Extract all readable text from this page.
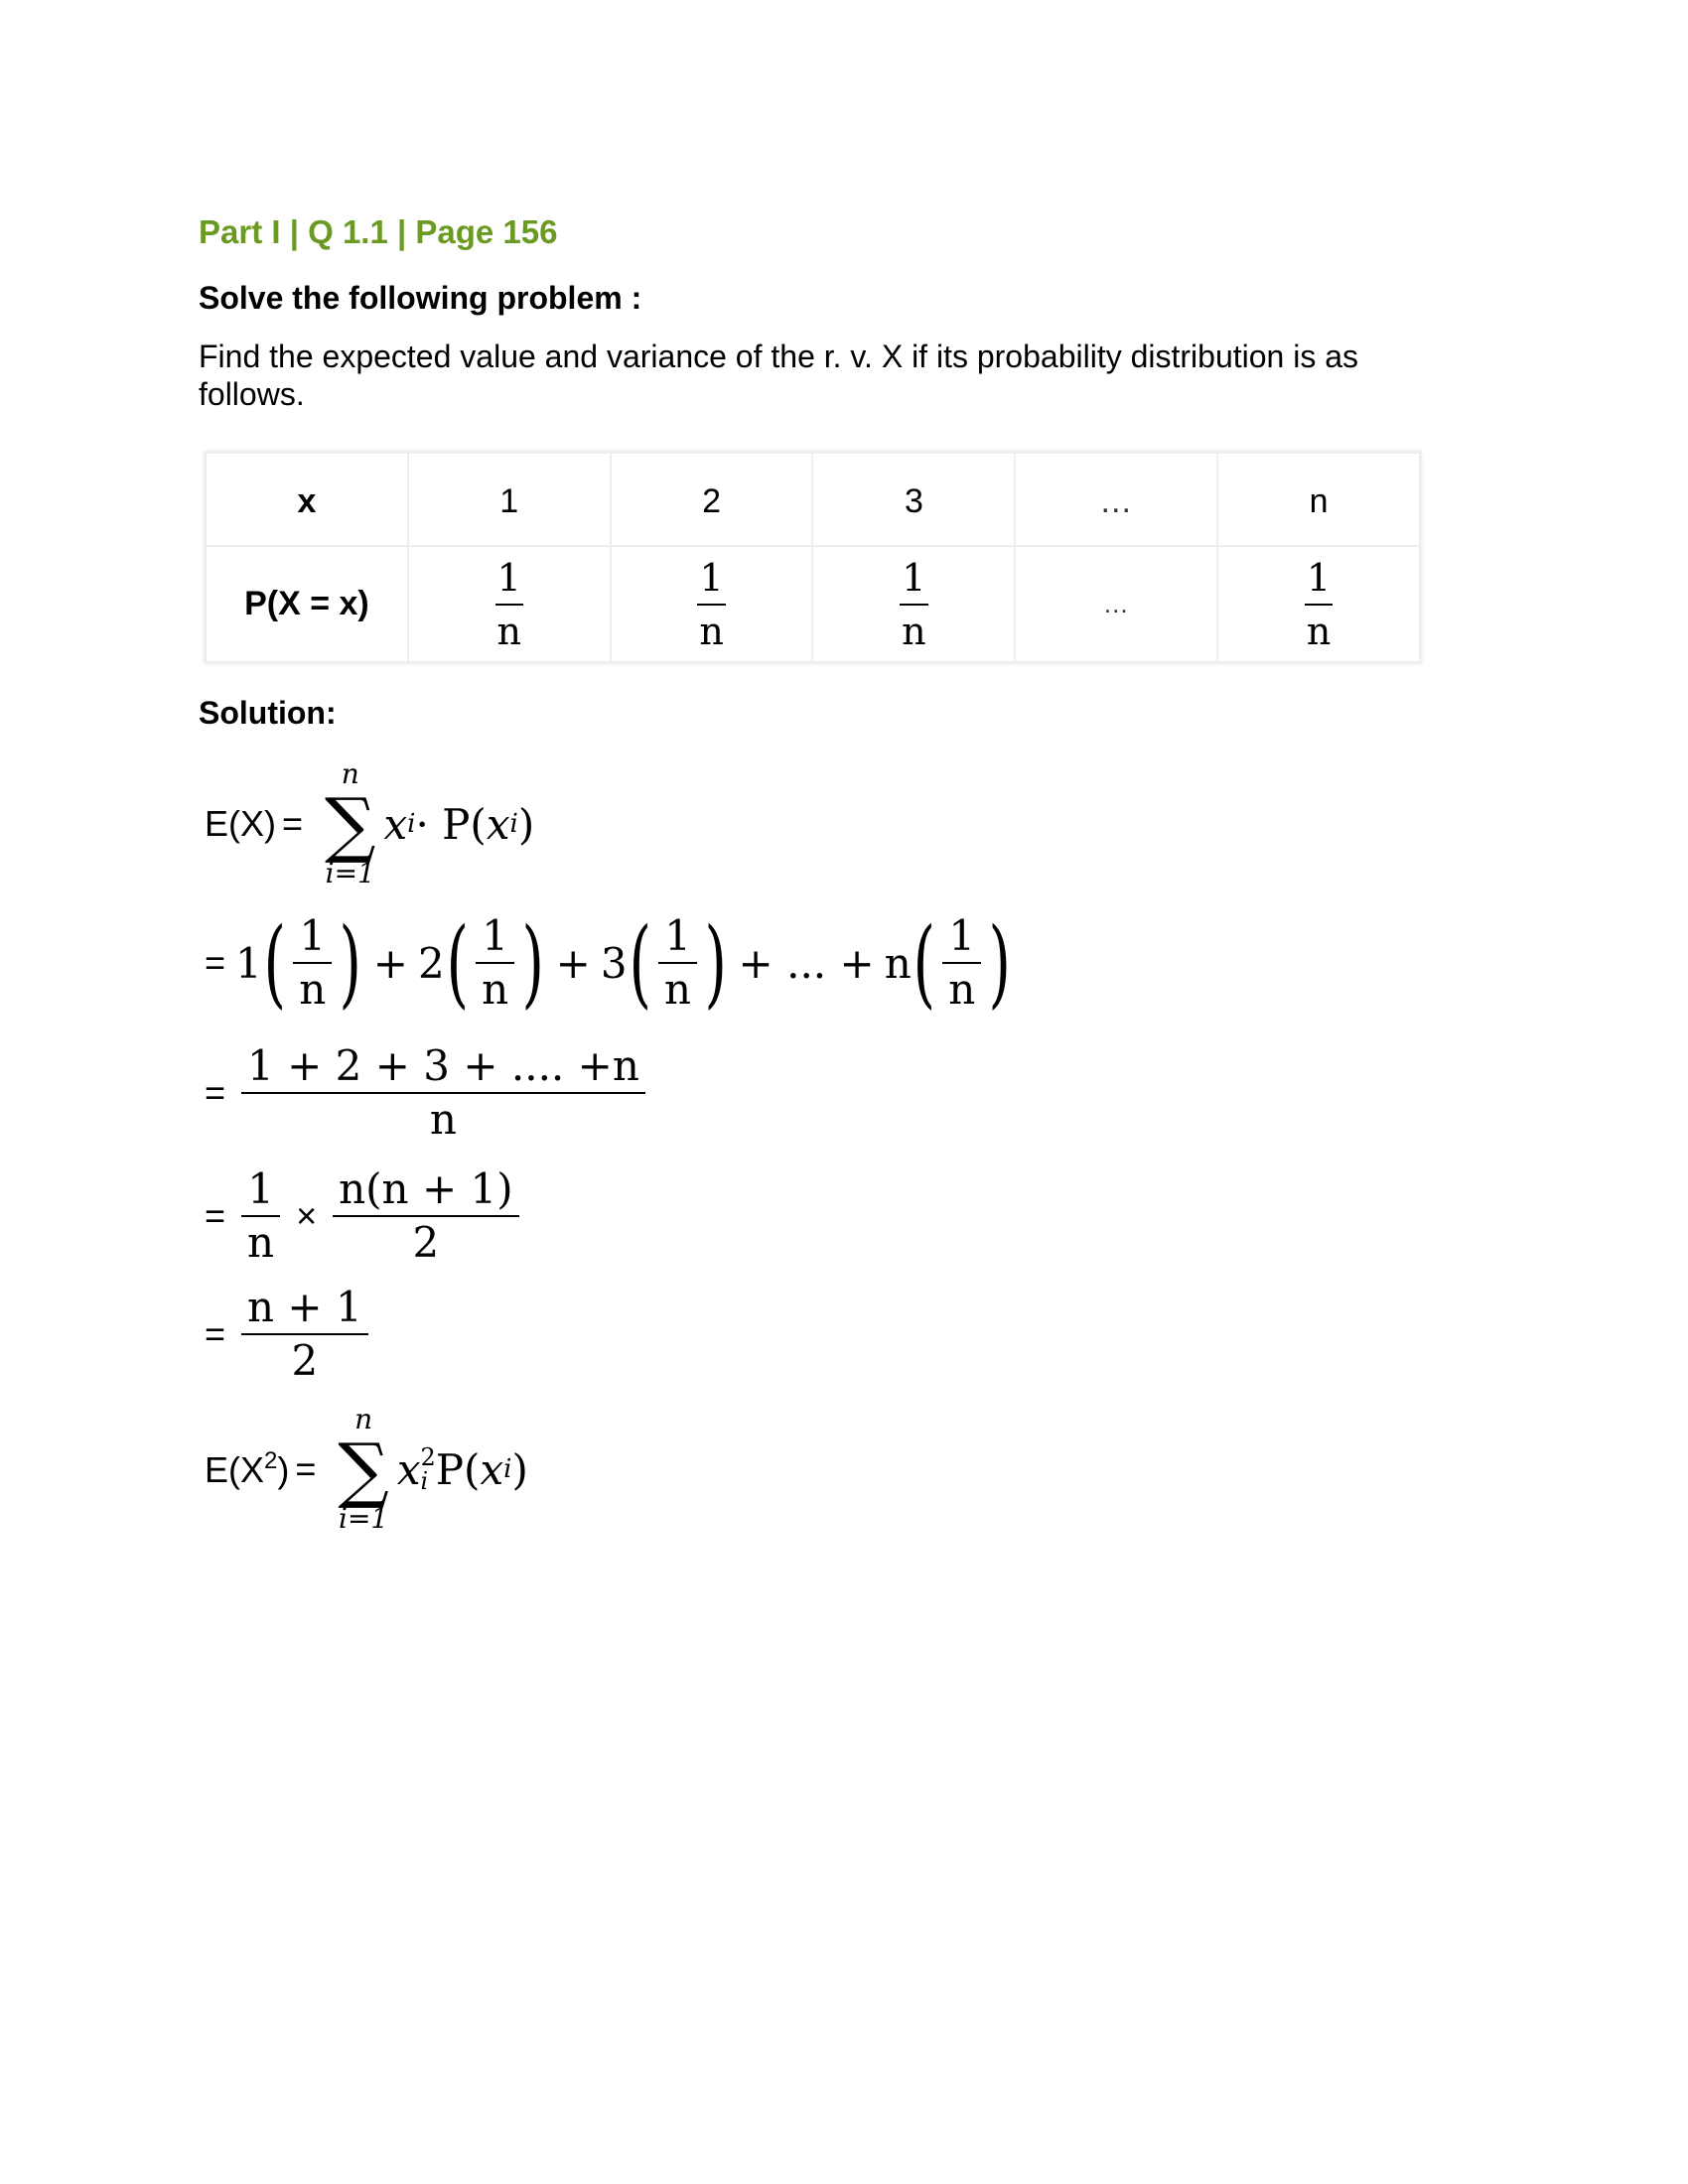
Part I | Q 1.1 | Page 156
Solve the following problem :

Find the expected value and variance of the r. v. X if its probability distribution is as follows.

x	1	2	3	...	n
P(X = x)	$\frac{1}{n}$	$\frac{1}{n}$	$\frac{1}{n}$	...	$\frac{1}{n}$
Solution:
E(X) =
n
∑
i=1
x i · P( x i )
= 1 ( 1
n ) + 2 ( 1
n ) + 3 ( 1
n ) + ... + n ( 1
n )
=
1 + 2 + 3 + .... +n
n
=
1
n
×
n(n + 1)
2
=
n + 1
2
$E(X^2)$ =
n
∑
i=1
x 2
i P( x i )
